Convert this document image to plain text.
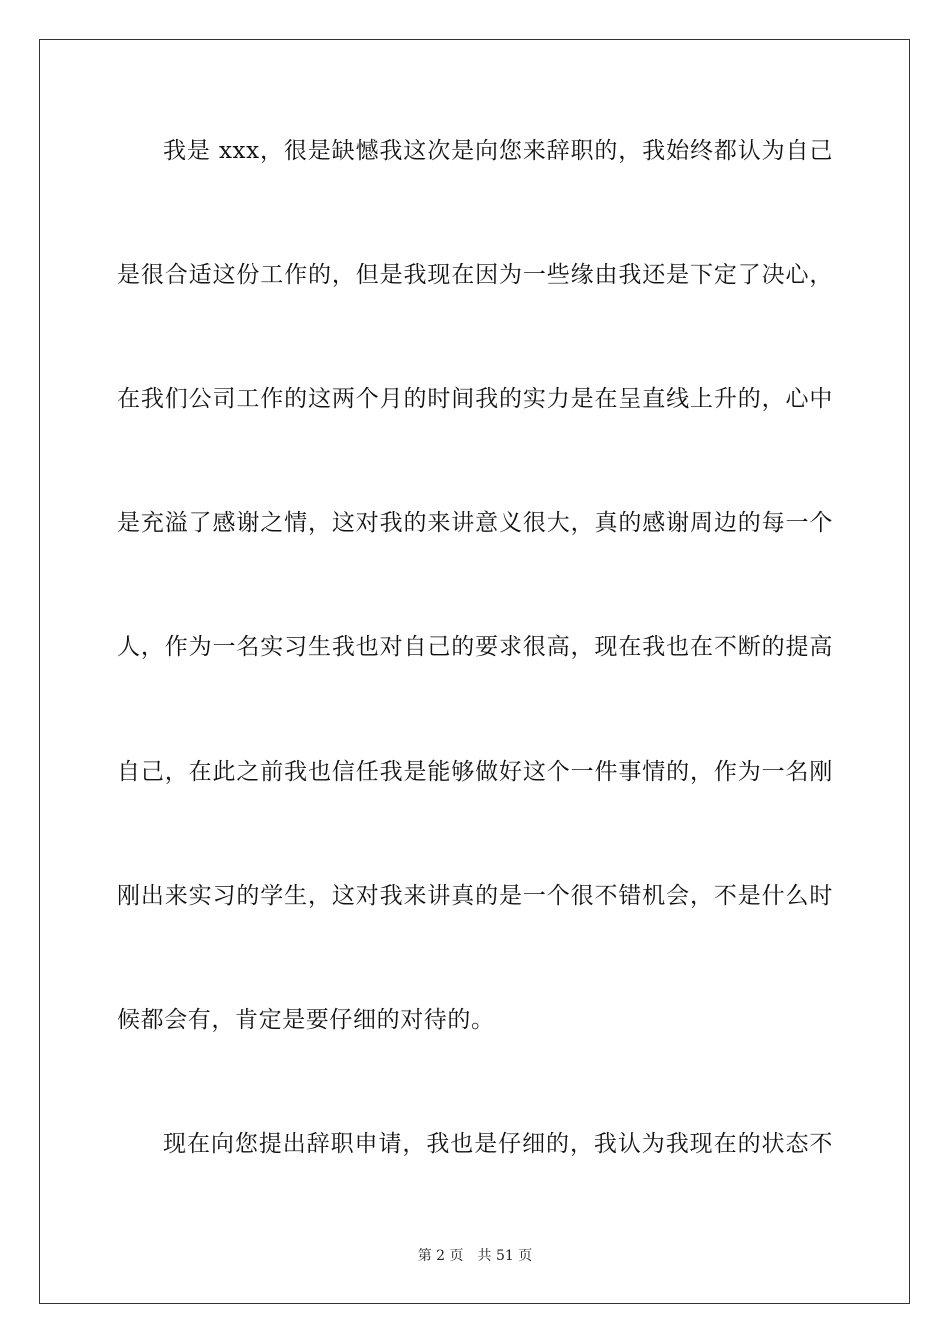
我是 xxx，很是缺憾我这次是向您来辞职的，我始终都认为自己
是很合适这份工作的，但是我现在因为一些缘由我还是下定了决心，
在我们公司工作的这两个月的时间我的实力是在呈直线上升的，心中
是充溢了感谢之情，这对我的来讲意义很大，真的感谢周边的每一个
人，作为一名实习生我也对自己的要求很高，现在我也在不断的提高
自己，在此之前我也信任我是能够做好这个一件事情的，作为一名刚
刚出来实习的学生，这对我来讲真的是一个很不错机会，不是什么时
候都会有，肯定是要仔细的对待的。
现在向您提出辞职申请，我也是仔细的，我认为我现在的状态不
第 2 页 共 51 页
